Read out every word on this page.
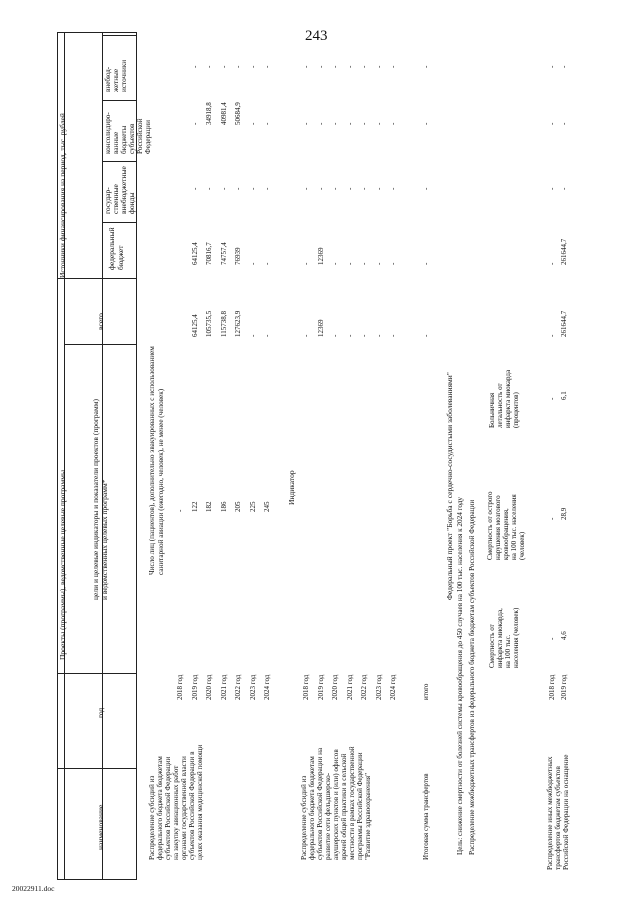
243
20022911.doc
Проекты (программы), ведомственные целевые программы
Источники финансирования на период, тыс. рублей
наименование
год
цели и целевые индикаторы и показатели проектов (программ) и ведомственных целевых программ*
всего
федеральный бюджет
государ- ственные внебюджетные фонды
консолидиро- ванные бюджеты субъектов Российской Федерации
внебюд- жетные источники
Распределение субсидий из федерального бюджета бюджетам субъектов Российской Федерации на закупку авиационных работ органами государственной власти субъектов Российской Федерации в целях оказания медицинской помощи
Число лиц (пациентов), дополнительно эвакуированных с использованием санитарной авиации (ежегодно, человек), не менее (человек)
2018 год
-
2019 год
122
64125,4
64125,4
-
-
-
2020 год
182
105735,5
70816,7
-
34918,8
-
2021 год
186
115738,8
74757,4
-
40981,4
-
2022 год
205
127623,9
76939
-
50684,9
-
2023 год
225
-
-
-
-
-
2024 год
245
-
-
-
-
-
Индикатор
Распределение субсидий из федерального бюджета бюджетам субъектов Российской Федерации на развитие сети фельдшерско- акушерских пунктов и (или) офисов врачей общей практики в сельской местности в рамках государственной программы Российской Федерации "Развитие здравоохранения"
2018 год
-
-
-
-
-
2019 год
12369
12369
-
-
-
2020 год
-
-
-
-
-
2021 год
-
-
-
-
-
2022 год
-
-
-
-
-
2023 год
-
-
-
-
-
2024 год
-
-
-
-
-
Итоговая сумма трансфертов
итого
-
-
-
-
-
Федеральный проект "Борьба с сердечно-сосудистыми заболеваниями"
Цель: снижение смертности от болезней системы кровообращения до 450 случаев на 100 тыс. населения к 2024 году Распределение межбюджетных трансфертов из федерального бюджета бюджетам субъектов Российской Федерации Смертность от инфаркта миокарда, на 100 тыс. населения (человек)
Смертность от острого нарушения мозгового кровообращения, на 100 тыс. населения (человек)
Больничная летальность от инфаркта миокарда (процентов)
Распределение иных межбюджетных трансфертов бюджетам субъектов Российской Федерации на оснащение
2018 год
-
-
-
-
-
-
-
-
2019 год
4,6
28,9
6,1
261644,7
261644,7
-
-
-
